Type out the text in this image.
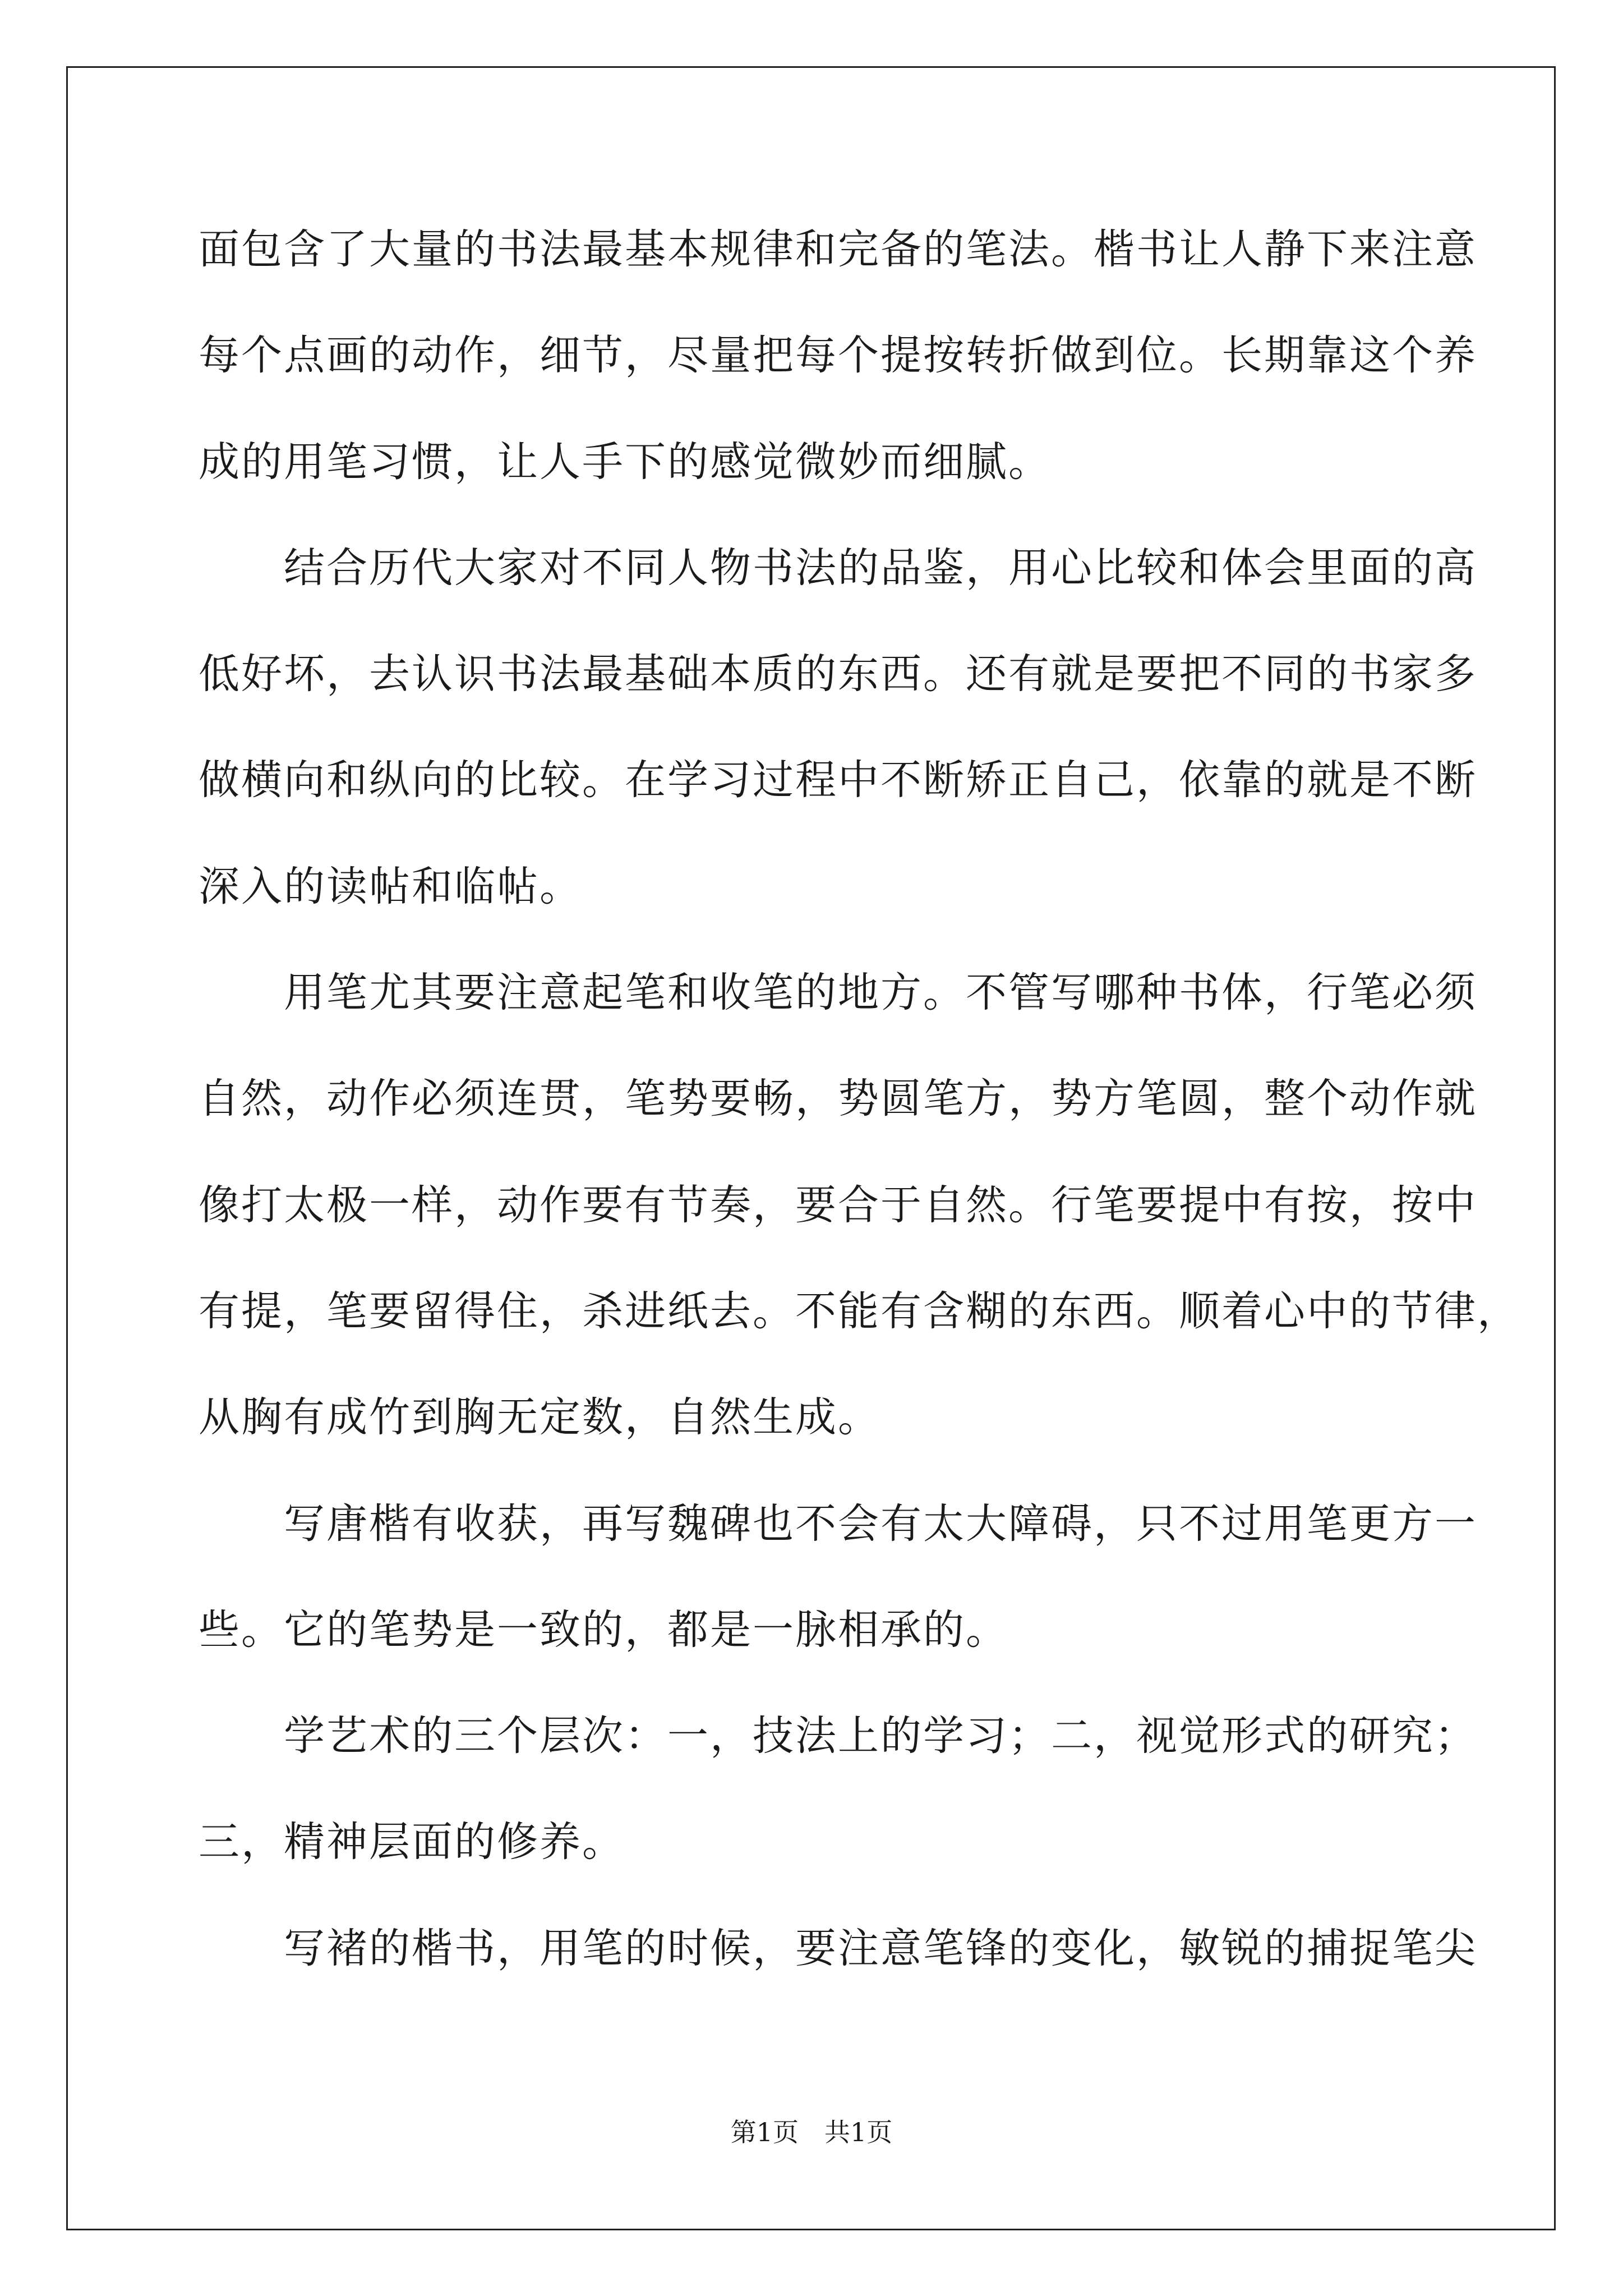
面包含了大量的书法最基本规律和完备的笔法。楷书让人静下来注意
每个点画的动作，细节，尽量把每个提按转折做到位。长期靠这个养
成的用笔习惯，让人手下的感觉微妙而细腻。
　　结合历代大家对不同人物书法的品鉴，用心比较和体会里面的高
低好坏，去认识书法最基础本质的东西。还有就是要把不同的书家多
做横向和纵向的比较。在学习过程中不断矫正自己，依靠的就是不断
深入的读帖和临帖。
　　用笔尤其要注意起笔和收笔的地方。不管写哪种书体，行笔必须
自然，动作必须连贯，笔势要畅，势圆笔方，势方笔圆，整个动作就
像打太极一样，动作要有节奏，要合于自然。行笔要提中有按，按中
有提，笔要留得住，杀进纸去。不能有含糊的东西。顺着心中的节律，
从胸有成竹到胸无定数，自然生成。
　　写唐楷有收获，再写魏碑也不会有太大障碍，只不过用笔更方一
些。它的笔势是一致的，都是一脉相承的。
　　学艺术的三个层次：一，技法上的学习；二，视觉形式的研究；
三，精神层面的修养。
　　写褚的楷书，用笔的时候，要注意笔锋的变化，敏锐的捕捉笔尖
第1页　共1页
